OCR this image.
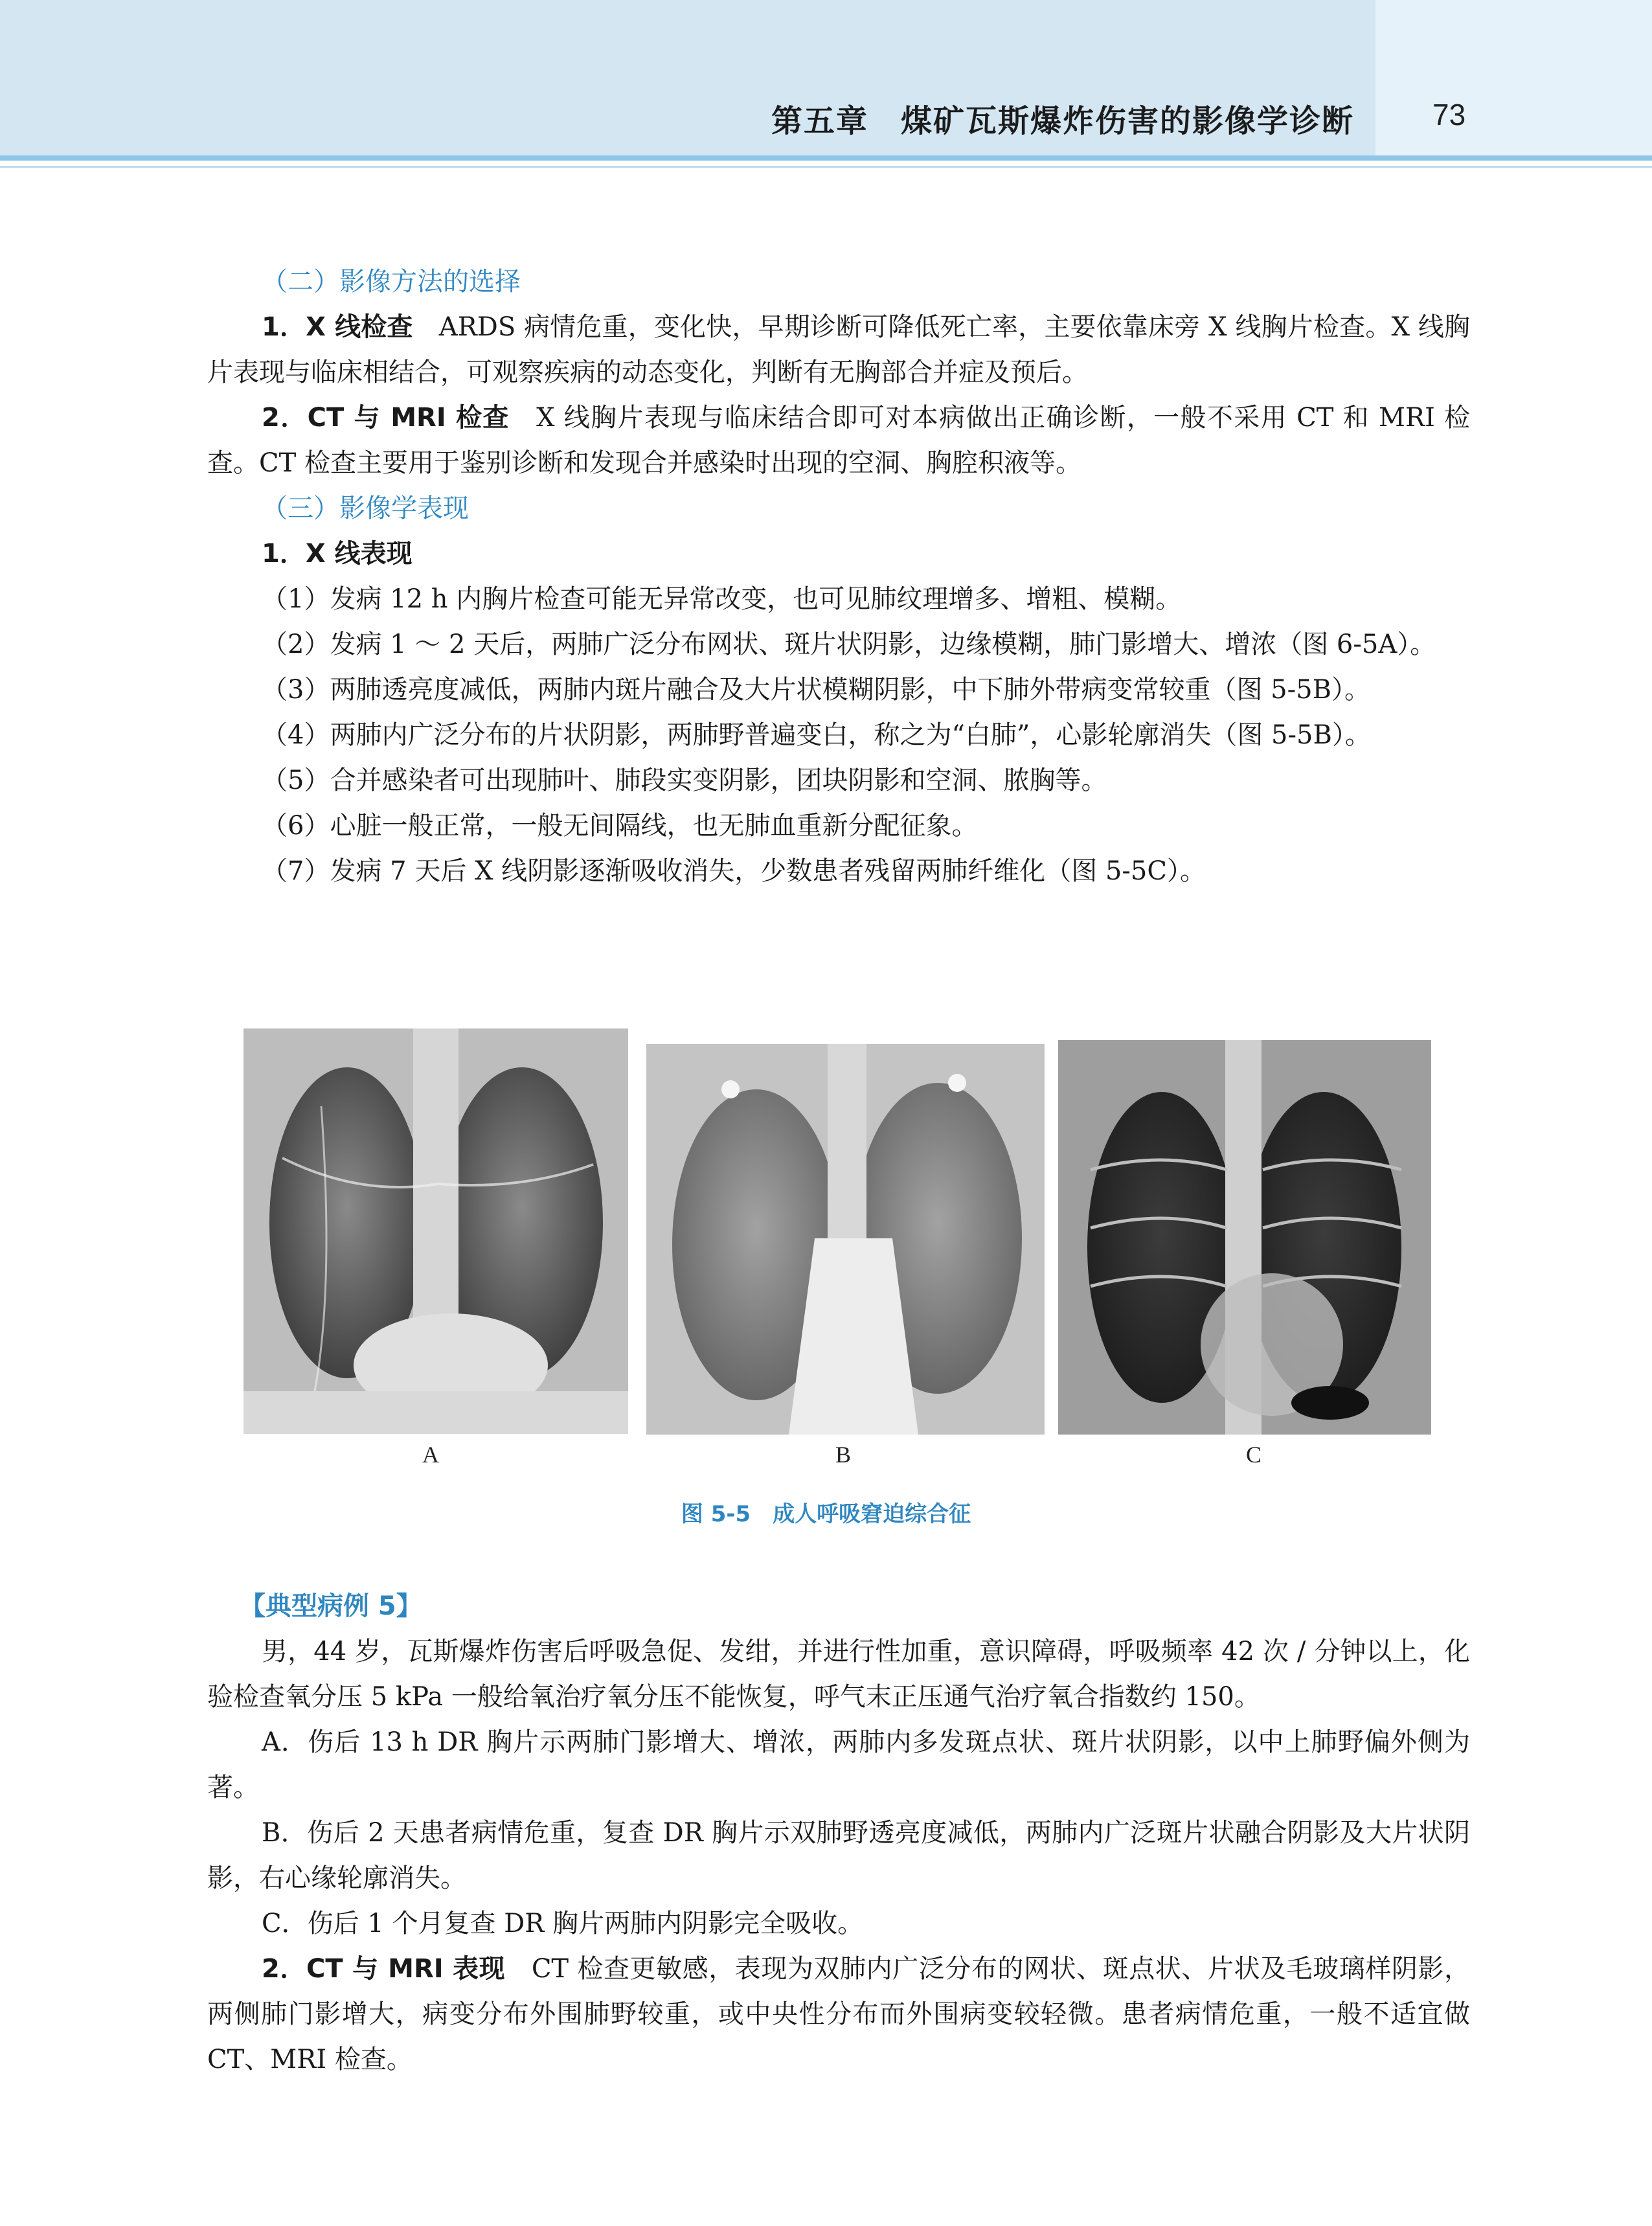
第五章　煤矿瓦斯爆炸伤害的影像学诊断	73
（二）影像方法的选择

1．X 线检查　ARDS 病情危重，变化快，早期诊断可降低死亡率，主要依靠床旁 X 线胸片检查。X 线胸片表现与临床相结合，可观察疾病的动态变化，判断有无胸部合并症及预后。

2．CT 与 MRI 检查　X 线胸片表现与临床结合即可对本病做出正确诊断，一般不采用 CT 和 MRI 检查。CT 检查主要用于鉴别诊断和发现合并感染时出现的空洞、胸腔积液等。

（三）影像学表现
1．X 线表现

（1）发病 12 h 内胸片检查可能无异常改变，也可见肺纹理增多、增粗、模糊。

（2）发病 1 ～ 2 天后，两肺广泛分布网状、斑片状阴影，边缘模糊，肺门影增大、增浓（图 6-5A）。

（3）两肺透亮度减低，两肺内斑片融合及大片状模糊阴影，中下肺外带病变常较重（图 5-5B）。

（4）两肺内广泛分布的片状阴影，两肺野普遍变白，称之为“白肺”，心影轮廓消失（图 5-5B）。

（5）合并感染者可出现肺叶、肺段实变阴影，团块阴影和空洞、脓胸等。

（6）心脏一般正常，一般无间隔线，也无肺血重新分配征象。

（7）发病 7 天后 X 线阴影逐渐吸收消失，少数患者残留两肺纤维化（图 5-5C）。

A	B	C
图 5-5　成人呼吸窘迫综合征
【典型病例 5】

男，44 岁，瓦斯爆炸伤害后呼吸急促、发绀，并进行性加重，意识障碍，呼吸频率 42 次 / 分钟以上，化验检查氧分压 5 kPa 一般给氧治疗氧分压不能恢复，呼气末正压通气治疗氧合指数约 150。

A．伤后 13 h DR 胸片示两肺门影增大、增浓，两肺内多发斑点状、斑片状阴影，以中上肺野偏外侧为著。

B．伤后 2 天患者病情危重，复查 DR 胸片示双肺野透亮度减低，两肺内广泛斑片状融合阴影及大片状阴影，右心缘轮廓消失。

C．伤后 1 个月复查 DR 胸片两肺内阴影完全吸收。

2．CT 与 MRI 表现　CT 检查更敏感，表现为双肺内广泛分布的网状、斑点状、片状及毛玻璃样阴影，两侧肺门影增大，病变分布外围肺野较重，或中央性分布而外围病变较轻微。患者病情危重，一般不适宜做 CT、MRI 检查。
